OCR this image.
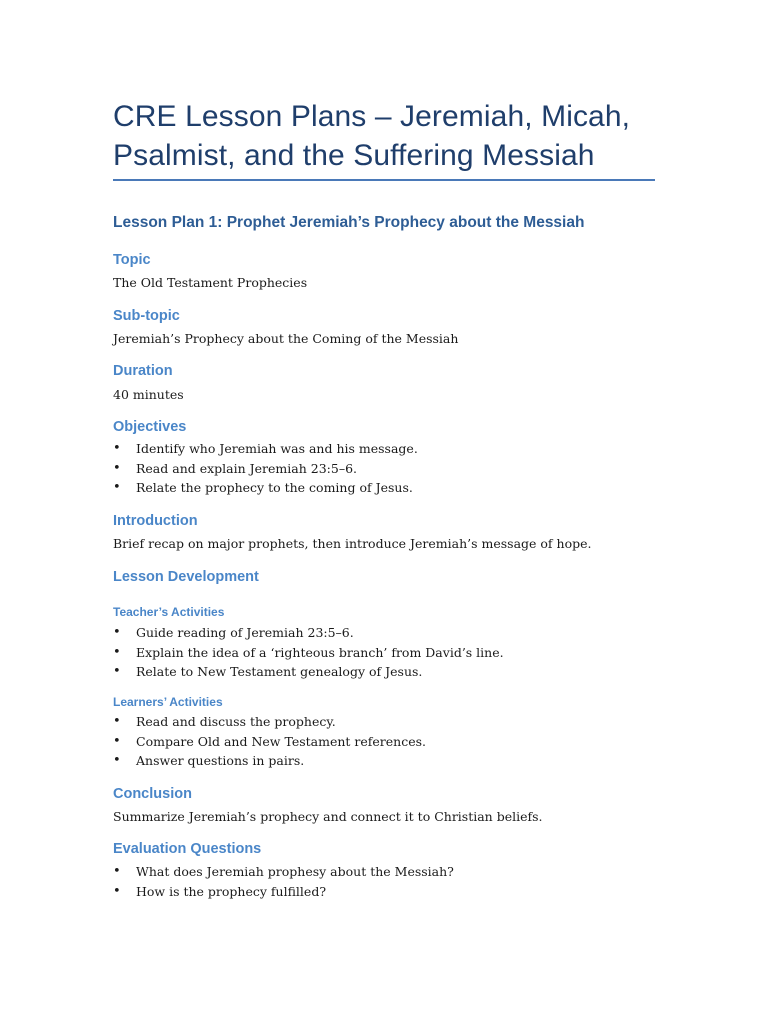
CRE Lesson Plans – Jeremiah, Micah, Psalmist, and the Suffering Messiah
Lesson Plan 1: Prophet Jeremiah’s Prophecy about the Messiah
Topic

The Old Testament Prophecies

Sub-topic

Jeremiah’s Prophecy about the Coming of the Messiah

Duration

40 minutes

Objectives
• Identify who Jeremiah was and his message.
• Read and explain Jeremiah 23:5–6.
• Relate the prophecy to the coming of Jesus.
Introduction

Brief recap on major prophets, then introduce Jeremiah’s message of hope.

Lesson Development
Teacher’s Activities
• Guide reading of Jeremiah 23:5–6.
• Explain the idea of a ‘righteous branch’ from David’s line.
• Relate to New Testament genealogy of Jesus.
Learners’ Activities
• Read and discuss the prophecy.
• Compare Old and New Testament references.
• Answer questions in pairs.
Conclusion

Summarize Jeremiah’s prophecy and connect it to Christian beliefs.

Evaluation Questions
• What does Jeremiah prophesy about the Messiah?
• How is the prophecy fulfilled?
